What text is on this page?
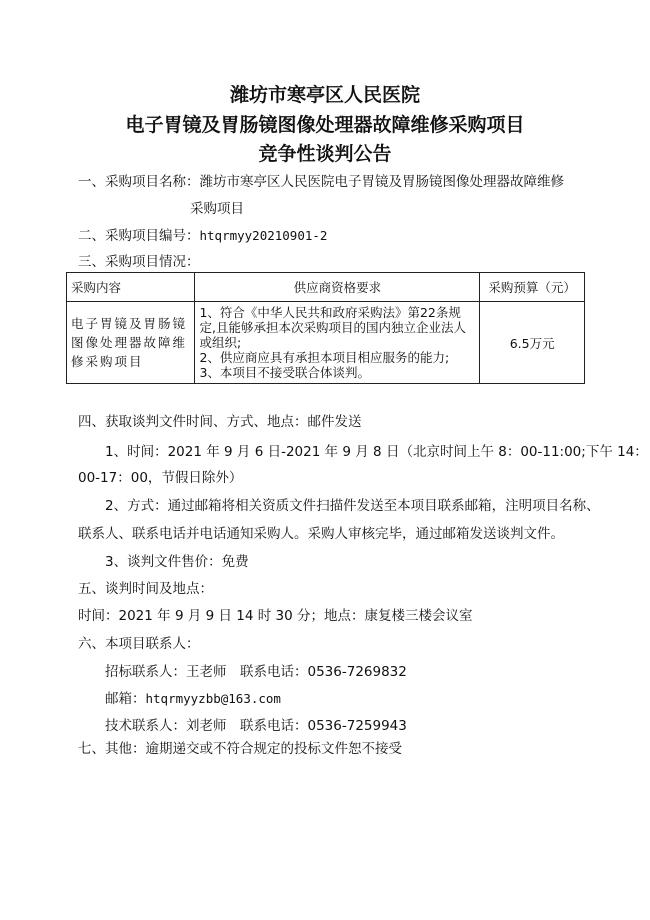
潍坊市寒亭区人民医院
电子胃镜及胃肠镜图像处理器故障维修采购项目
竞争性谈判公告
一、采购项目名称：潍坊市寒亭区人民医院电子胃镜及胃肠镜图像处理器故障维修
采购项目
二、采购项目编号：htqrmyy20210901-2
三、采购项目情况：
采购内容	供应商资格要求	采购预算（元）
电子胃镜及胃肠镜图像处理器故障维修采购项目	1、符合《中华人民共和政府采购法》第22条规定,且能够承担本次采购项目的国内独立企业法人或组织;
2、供应商应具有承担本项目相应服务的能力;
3、本项目不接受联合体谈判。	6.5万元
四、获取谈判文件时间、方式、地点：邮件发送
1、时间：2021 年 9 月 6 日-2021 年 9 月 8 日（北京时间上午 8：00-11:00;下午 14：
00-17：00，节假日除外）
2、方式：通过邮箱将相关资质文件扫描件发送至本项目联系邮箱，注明项目名称、
联系人、联系电话并电话通知采购人。采购人审核完毕，通过邮箱发送谈判文件。
3、谈判文件售价：免费
五、谈判时间及地点：
时间：2021 年 9 月 9 日 14 时 30 分；地点：康复楼三楼会议室
六、本项目联系人：
招标联系人：王老师　联系电话：0536-7269832
邮箱：htqrmyyzbb@163.com
技术联系人：刘老师　联系电话：0536-7259943
七、其他：逾期递交或不符合规定的投标文件恕不接受
